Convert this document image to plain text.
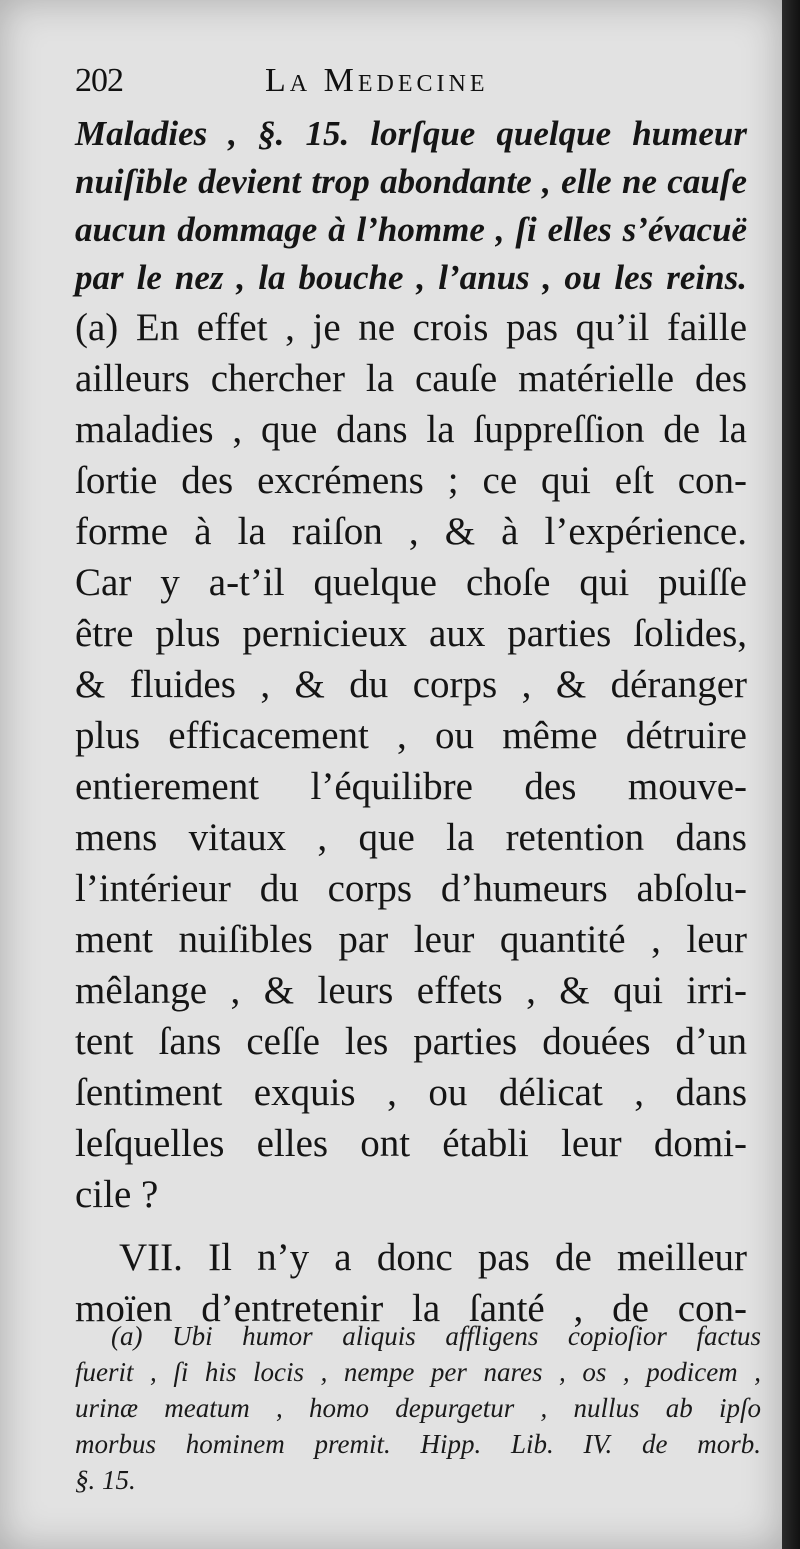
202	La Medecine
Maladies , §. 15. lorſque quelque humeur
nuiſible devient trop abondante , elle ne cauſe
aucun dommage à l’homme , ſi elles s’évacuë
par le nez , la bouche , l’anus , ou les reins.
(a) En effet , je ne crois pas qu’il faille
ailleurs chercher la cauſe matérielle des
maladies , que dans la ſuppreſſion de la
ſortie des excrémens ; ce qui eſt con-
forme à la raiſon , & à l’expérience.
Car y a-t’il quelque choſe qui puiſſe
être plus pernicieux aux parties ſolides,
& fluides , & du corps , & déranger
plus efficacement , ou même détruire
entierement l’équilibre des mouve-
mens vitaux , que la retention dans
l’intérieur du corps d’humeurs abſolu-
ment nuiſibles par leur quantité , leur
mêlange , & leurs effets , & qui irri-
tent ſans ceſſe les parties douées d’un
ſentiment exquis , ou délicat , dans
leſquelles elles ont établi leur domi-
cile ?
VII. Il n’y a donc pas de meilleur
moïen d’entretenir la ſanté , de con-
(a) Ubi humor aliquis affligens copioſior factus
fuerit , ſi his locis , nempe per nares , os , podicem ,
urinæ meatum , homo depurgetur , nullus ab ipſo
morbus hominem premit. Hipp. Lib. IV. de morb.
§. 15.
